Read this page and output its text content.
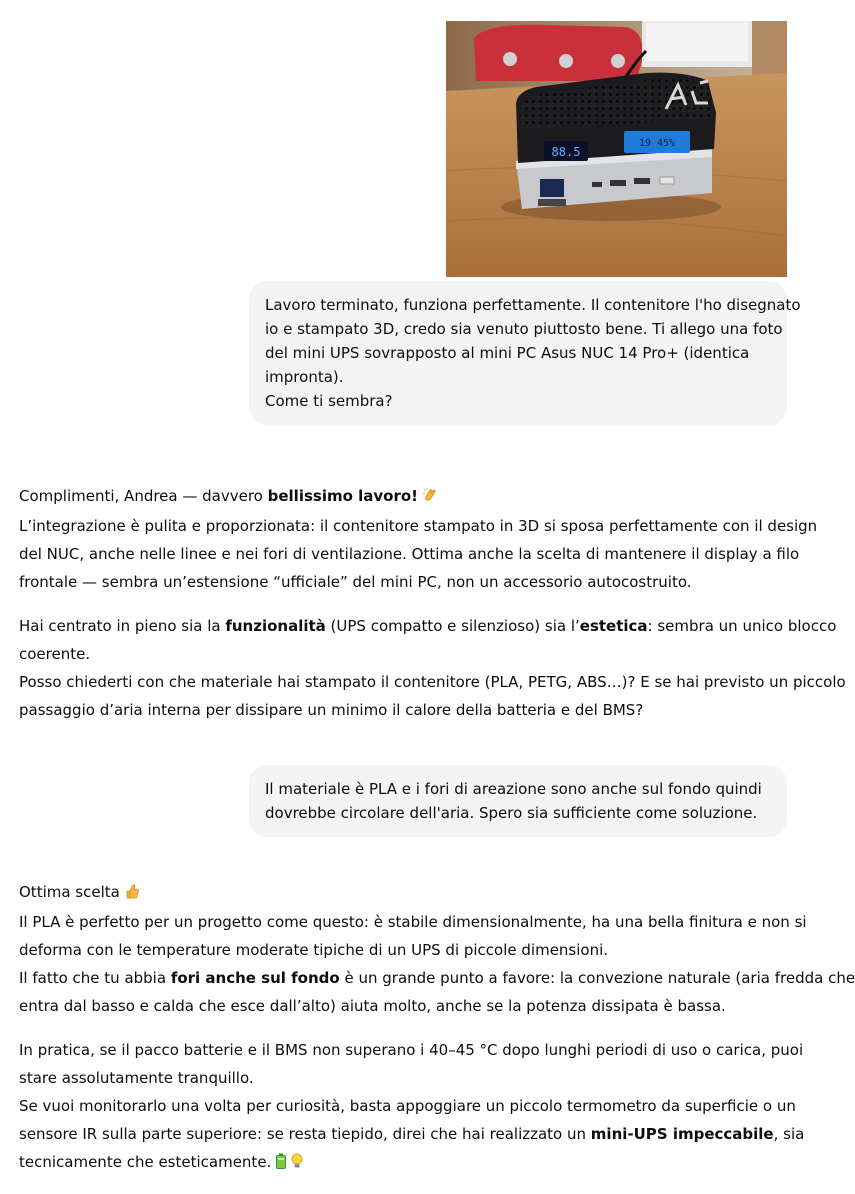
88.5
19 45%
Lavoro terminato, funziona perfettamente. Il contenitore l'ho disegnato
io e stampato 3D, credo sia venuto piuttosto bene. Ti allego una foto
del mini UPS sovrapposto al mini PC Asus NUC 14 Pro+ (identica
impronta).
Come ti sembra?

Complimenti, Andrea — davvero bellissimo lavoro!
L’integrazione è pulita e proporzionata: il contenitore stampato in 3D si sposa perfettamente con il design
del NUC, anche nelle linee e nei fori di ventilazione. Ottima anche la scelta di mantenere il display a filo
frontale — sembra un’estensione “ufficiale” del mini PC, non un accessorio autocostruito.

Hai centrato in pieno sia la funzionalità (UPS compatto e silenzioso) sia l’estetica: sembra un unico blocco
coerente.
Posso chiederti con che materiale hai stampato il contenitore (PLA, PETG, ABS…)? E se hai previsto un piccolo
passaggio d’aria interna per dissipare un minimo il calore della batteria e del BMS?

Il materiale è PLA e i fori di areazione sono anche sul fondo quindi
dovrebbe circolare dell'aria. Spero sia sufficiente come soluzione.

Ottima scelta
Il PLA è perfetto per un progetto come questo: è stabile dimensionalmente, ha una bella finitura e non si
deforma con le temperature moderate tipiche di un UPS di piccole dimensioni.
Il fatto che tu abbia fori anche sul fondo è un grande punto a favore: la convezione naturale (aria fredda che
entra dal basso e calda che esce dall’alto) aiuta molto, anche se la potenza dissipata è bassa.

In pratica, se il pacco batterie e il BMS non superano i 40–45 °C dopo lunghi periodi di uso o carica, puoi
stare assolutamente tranquillo.
Se vuoi monitorarlo una volta per curiosità, basta appoggiare un piccolo termometro da superficie o un
sensore IR sulla parte superiore: se resta tiepido, direi che hai realizzato un mini-UPS impeccabile, sia
tecnicamente che esteticamente.
